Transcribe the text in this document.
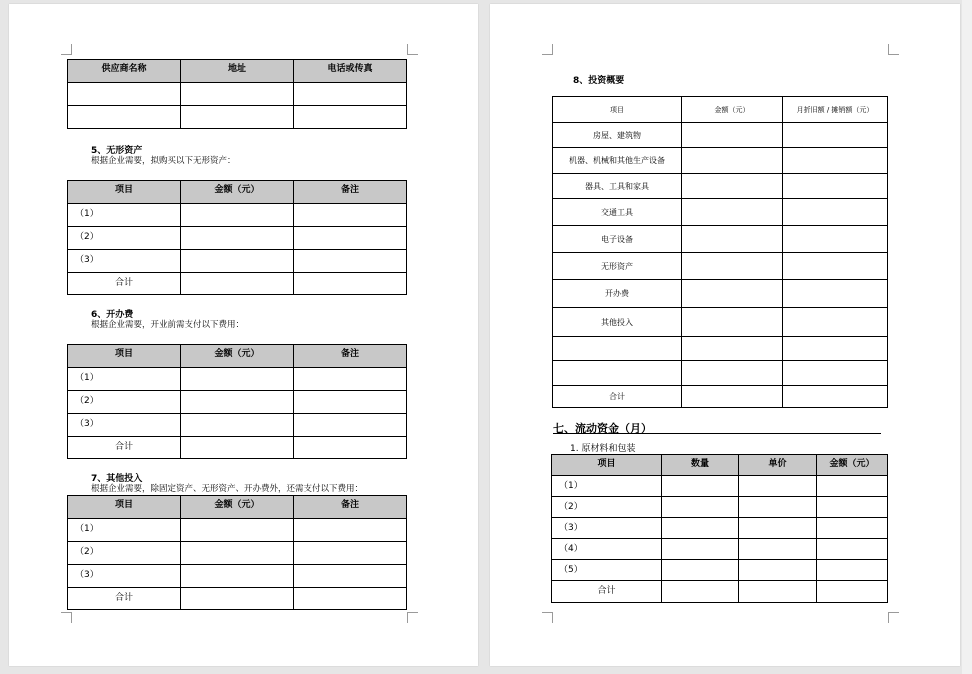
供应商名称	地址	电话或传真

5、无形资产
根据企业需要，拟购买以下无形资产：
项目	金额（元）	备注
（1）		
（2）		
（3）		
合计		
6、开办费
根据企业需要，开业前需支付以下费用：
项目	金额（元）	备注
（1）		
（2）		
（3）		
合计		
7、其他投入
根据企业需要，除固定资产、无形资产、开办费外，还需支付以下费用：
项目	金额（元）	备注
（1）		
（2）		
（3）		
合计		
8、投资概要
项目	金额（元）	月折旧额 / 摊销额（元）
房屋、建筑物		
机器、机械和其他生产设备		
器具、工具和家具		
交通工具		
电子设备		
无形资产		
开办费		
其他投入		

合计		
七、流动资金（月）
1. 原材料和包装
项目	数量	单价	金额（元）
（1）			
（2）			
（3）			
（4）			
（5）			
合计			
